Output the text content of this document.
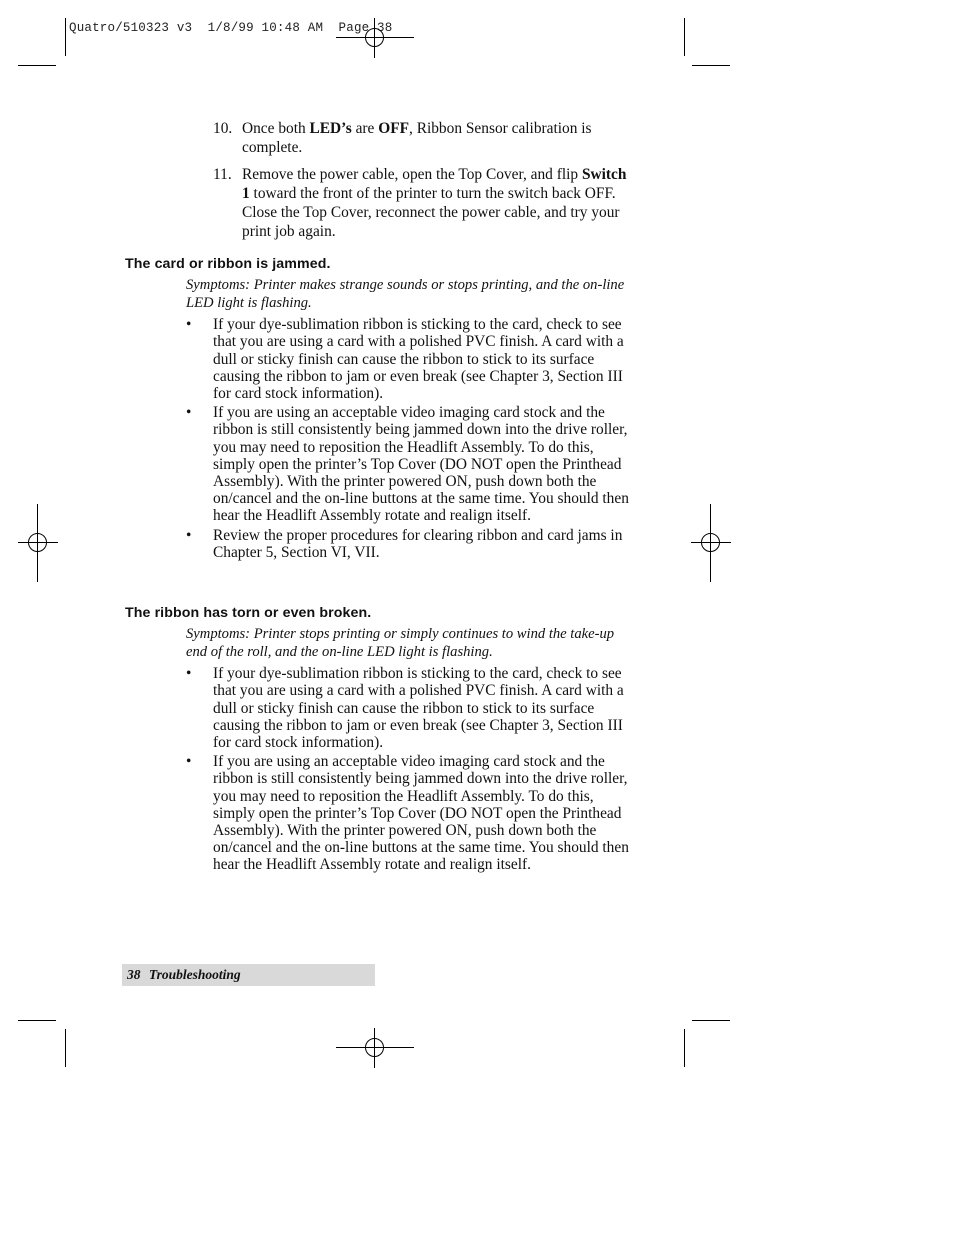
Quatro/510323 v3  1/8/99 10:48 AM  Page 38
10. Once both LED’s are OFF, Ribbon Sensor calibration is complete.
11. Remove the power cable, open the Top Cover, and flip Switch 1 toward the front of the printer to turn the switch back OFF. Close the Top Cover, reconnect the power cable, and try your print job again.
The card or ribbon is jammed.
Symptoms: Printer makes strange sounds or stops printing, and the on-line LED light is flashing.
•	If your dye-sublimation ribbon is sticking to the card, check to see that you are using a card with a polished PVC finish. A card with a dull or sticky finish can cause the ribbon to stick to its surface causing the ribbon to jam or even break (see Chapter 3, Section III for card stock information).
•	If you are using an acceptable video imaging card stock and the ribbon is still consistently being jammed down into the drive roller, you may need to reposition the Headlift Assembly. To do this, simply open the printer’s Top Cover (DO NOT open the Printhead Assembly). With the printer powered ON, push down both the on/cancel and the on-line buttons at the same time. You should then hear the Headlift Assembly rotate and realign itself.
•	Review the proper procedures for clearing ribbon and card jams in Chapter 5, Section VI, VII.
The ribbon has torn or even broken.
Symptoms: Printer stops printing or simply continues to wind the take-up end of the roll, and the on-line LED light is flashing.
•	If your dye-sublimation ribbon is sticking to the card, check to see that you are using a card with a polished PVC finish. A card with a dull or sticky finish can cause the ribbon to stick to its surface causing the ribbon to jam or even break (see Chapter 3, Section III for card stock information).
•	If you are using an acceptable video imaging card stock and the ribbon is still consistently being jammed down into the drive roller, you may need to reposition the Headlift Assembly. To do this, simply open the printer’s Top Cover (DO NOT open the Printhead Assembly). With the printer powered ON, push down both the on/cancel and the on-line buttons at the same time. You should then hear the Headlift Assembly rotate and realign itself.
38 Troubleshooting
